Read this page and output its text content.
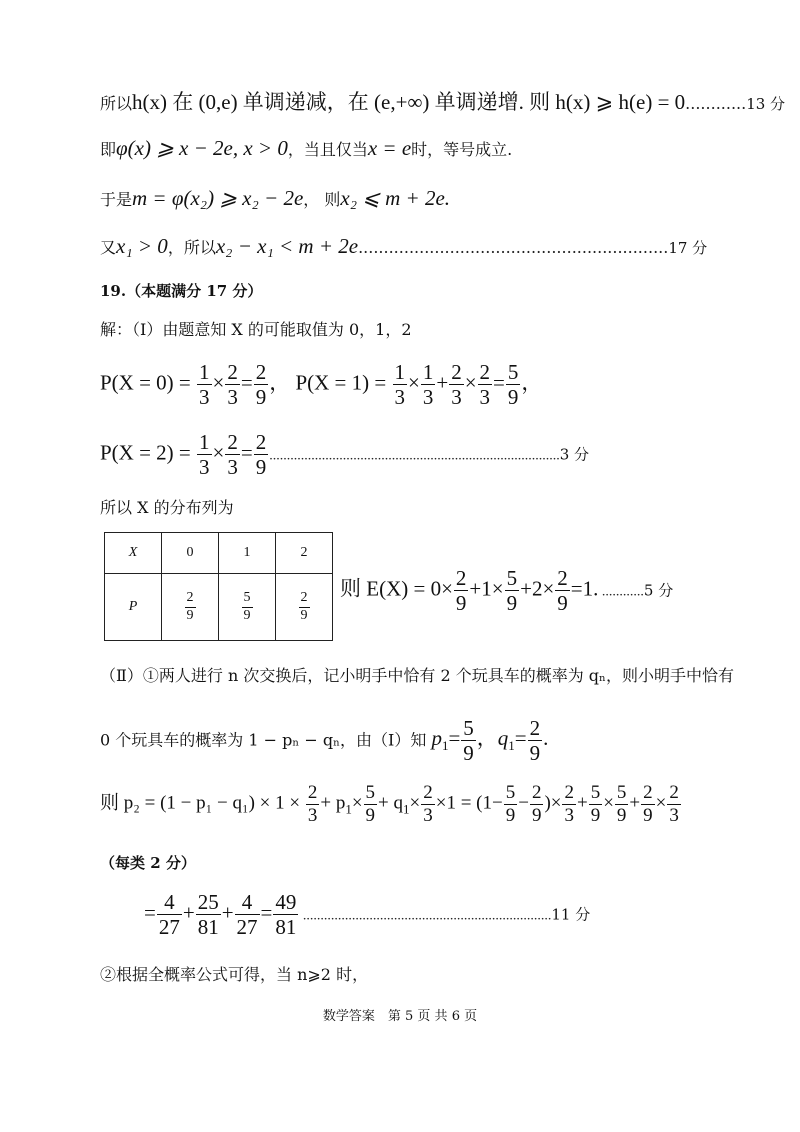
所以h(x) 在 (0,e) 单调递减，在 (e,+∞) 单调递增. 则 h(x) ⩾ h(e) = 0............13 分
即φ(x) ⩾ x − 2e, x > 0，当且仅当x = e时，等号成立.
于是m = φ(x₂) ⩾ x₂ − 2e， 则x₂ ⩽ m + 2e.
又x₁ > 0，所以x₂ − x₁ < m + 2e.............................................................17 分
19.（本题满分 17 分）
解：（Ⅰ）由题意知 X 的可能取值为 0，1，2
$P(X = 0) = \frac{1}{3} \times \frac{2}{3} = \frac{2}{9}$ ， $P(X = 1) = \frac{1}{3} \times \frac{1}{3} + \frac{2}{3} \times \frac{2}{3} = \frac{5}{9}$ ，
$P(X = 2) = \frac{1}{3} \times \frac{2}{3} = \frac{2}{9} ...................................................................................3$ 分
所以 X 的分布列为
X	0	1	2
P	$\frac{2}{9}$	$\frac{5}{9}$	$\frac{2}{9}$
则 $E(X) = 0\times \frac{2}{9} +1\times \frac{5}{9} +2\times \frac{2}{9} =1$. ............5 分
（Ⅱ）①两人进行 n 次交换后，记小明手中恰有 2 个玩具车的概率为 qₙ，则小明手中恰有
0 个玩具车的概率为 1 − pₙ − qₙ，由（Ⅰ）知 $p_1= \frac{5}{9}$ ，$q_1= \frac{2}{9}$ .
则 $p_2 = (1 - p_1 - q_1) \times 1 \times \frac{2}{3} + p_1\times \frac{5}{9} + q_1\times \frac{2}{3} \times 1 = (1- \frac{5}{9} - \frac{2}{9}$ )× $\frac{2}{3} + \frac{5}{9} \times \frac{5}{9} + \frac{2}{9} \times \frac{2}{3}$
（每类 2 分）
= $\frac{4}{27} + \frac{25}{81} + \frac{4}{27} = \frac{49}{81} .......................................................................11$ 分
②根据全概率公式可得，当 n⩾2 时，
数学答案　第 5 页 共 6 页
